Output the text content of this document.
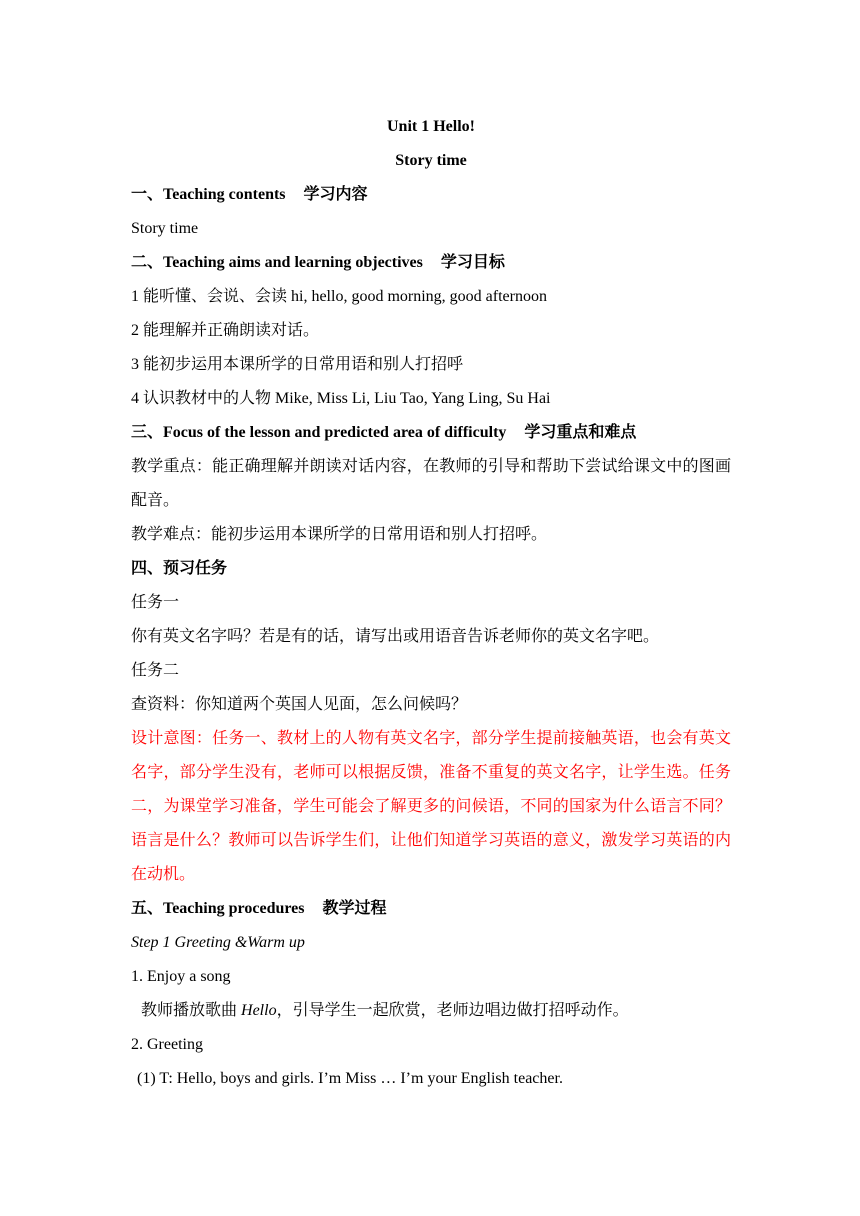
Unit 1 Hello!
Story time
一、Teaching contents 学习内容
Story time
二、Teaching aims and learning objectives 学习目标
1 能听懂、会说、会读 hi, hello, good morning, good afternoon
2 能理解并正确朗读对话。
3 能初步运用本课所学的日常用语和别人打招呼
4 认识教材中的人物 Mike, Miss Li, Liu Tao, Yang Ling, Su Hai
三、Focus of the lesson and predicted area of difficulty 学习重点和难点
教学重点：能正确理解并朗读对话内容，在教师的引导和帮助下尝试给课文中的图画配音。
教学难点：能初步运用本课所学的日常用语和别人打招呼。
四、预习任务
任务一
你有英文名字吗？若是有的话，请写出或用语音告诉老师你的英文名字吧。
任务二
查资料：你知道两个英国人见面，怎么问候吗？
设计意图：任务一、教材上的人物有英文名字，部分学生提前接触英语，也会有英文名字，部分学生没有，老师可以根据反馈，准备不重复的英文名字，让学生选。任务二，为课堂学习准备，学生可能会了解更多的问候语，不同的国家为什么语言不同？语言是什么？教师可以告诉学生们，让他们知道学习英语的意义，激发学习英语的内在动机。
五、Teaching procedures 教学过程
Step 1 Greeting &Warm up
1. Enjoy a song
教师播放歌曲 Hello，引导学生一起欣赏，老师边唱边做打招呼动作。
2. Greeting
(1) T: Hello, boys and girls. I’m Miss … I’m your English teacher.
